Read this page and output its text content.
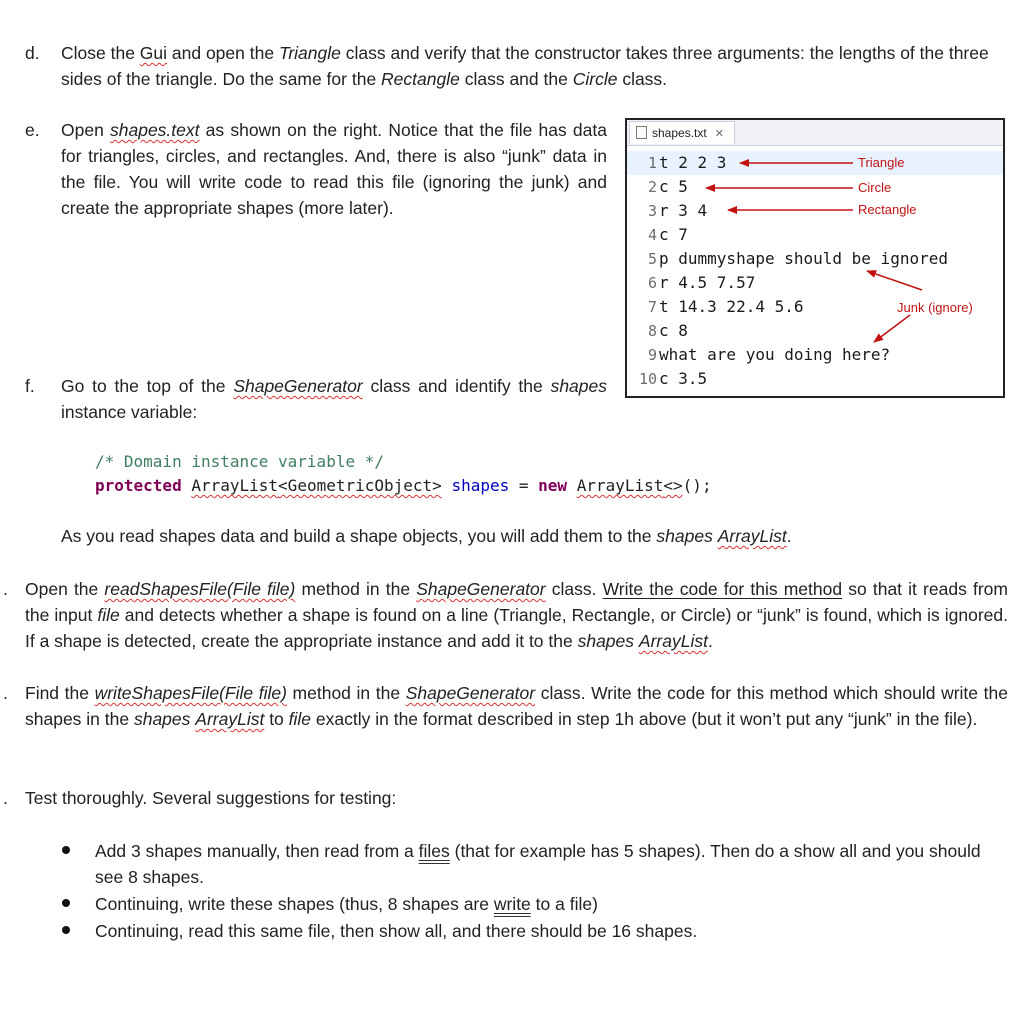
d. Close the Gui and open the Triangle class and verify that the constructor takes three arguments: the lengths of the three sides of the triangle. Do the same for the Rectangle class and the Circle class.
e. Open shapes.text as shown on the right. Notice that the file has data for triangles, circles, and rectangles. And, there is also “junk” data in the file. You will write code to read this file (ignoring the junk) and create the appropriate shapes (more later).
shapes.txt ✕
1 t 2 2 3
2 c 5
3 r 3 4
4 c 7
5 p dummyshape should be ignored
6 r 4.5 7.57
7 t 14.3 22.4 5.6
8 c 8
9 what are you doing here?
10 c 3.5
Triangle
Circle
Rectangle
Junk (ignore)
f. Go to the top of the ShapeGenerator class and identify the shapes instance variable:
/* Domain instance variable */
protected ArrayList<GeometricObject> shapes = new ArrayList<>();
As you read shapes data and build a shape objects, you will add them to the shapes ArrayList.
. Open the readShapesFile(File file) method in the ShapeGenerator class. Write the code for this method so that it reads from the input file and detects whether a shape is found on a line (Triangle, Rectangle, or Circle) or “junk” is found, which is ignored. If a shape is detected, create the appropriate instance and add it to the shapes ArrayList.
. Find the writeShapesFile(File file) method in the ShapeGenerator class. Write the code for this method which should write the shapes in the shapes ArrayList to file exactly in the format described in step 1h above (but it won’t put any “junk” in the file).
. Test thoroughly. Several suggestions for testing:
Add 3 shapes manually, then read from a files (that for example has 5 shapes). Then do a show all and you should see 8 shapes.
Continuing, write these shapes (thus, 8 shapes are write to a file)
Continuing, read this same file, then show all, and there should be 16 shapes.
